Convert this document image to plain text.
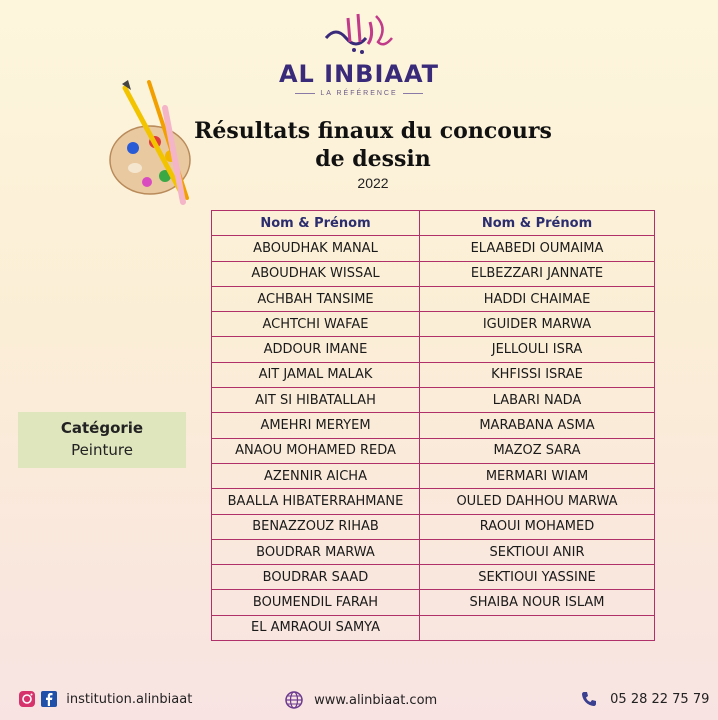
AL INBIAAT
LA RÉFÉRENCE
Résultats finaux du concours
de dessin
2022
Catégorie
Peinture
Nom & Prénom	Nom & Prénom
ABOUDHAK MANAL	ELAABEDI OUMAIMA
ABOUDHAK WISSAL	ELBEZZARI JANNATE
ACHBAH TANSIME	HADDI CHAIMAE
ACHTCHI WAFAE	IGUIDER MARWA
ADDOUR IMANE	JELLOULI ISRA
AIT JAMAL MALAK	KHFISSI ISRAE
AIT SI HIBATALLAH	LABARI NADA
AMEHRI MERYEM	MARABANA ASMA
ANAOU MOHAMED REDA	MAZOZ SARA
AZENNIR AICHA	MERMARI WIAM
BAALLA HIBATERRAHMANE	OULED DAHHOU MARWA
BENAZZOUZ RIHAB	RAOUI MOHAMED
BOUDRAR MARWA	SEKTIOUI ANIR
BOUDRAR SAAD	SEKTIOUI YASSINE
BOUMENDIL FARAH	SHAIBA NOUR ISLAM
EL AMRAOUI SAMYA	
institution.alinbiaat	www.alinbiaat.com	05 28 22 75 79
